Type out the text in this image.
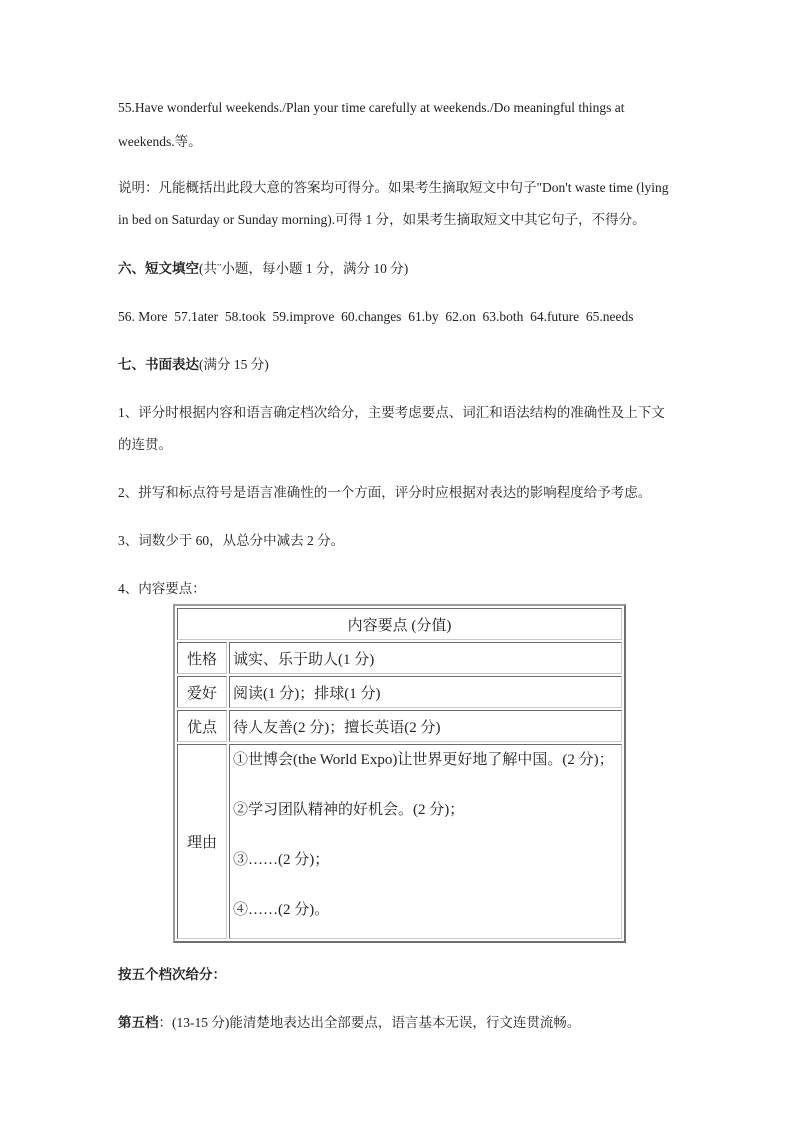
55.Have wonderful weekends./Plan your time carefully at weekends./Do meaningful things at
weekends.等。
说明：凡能概括出此段大意的答案均可得分。如果考生摘取短文中句子"Don't waste time (lying
in bed on Saturday or Sunday morning).可得 1 分，如果考生摘取短文中其它句子，不得分。
六、短文填空(共¨小题，每小题 1 分，满分 10 分)
56. More  57.1ater  58.took  59.improve  60.changes  61.by  62.on  63.both  64.future  65.needs
七、书面表达(满分 15 分)
1、评分时根据内容和语言确定档次给分，主要考虑要点、词汇和语法结构的准确性及上下文
的连贯。
2、拼写和标点符号是语言准确性的一个方面，评分时应根据对表达的影响程度给予考虑。
3、词数少于 60，从总分中减去 2 分。
4、内容要点：
内容要点 (分值)	
性格	诚实、乐于助人(1 分)
爱好	阅读(1 分)；排球(1 分)
优点	待人友善(2 分)；擅长英语(2 分)
理由	①世博会(the World Expo)让世界更好地了解中国。(2 分)；
②学习团队精神的好机会。(2 分)；
③……(2 分)；
④……(2 分)。
按五个档次给分：
第五档：(13-15 分)能清楚地表达出全部要点，语言基本无误，行文连贯流畅。
